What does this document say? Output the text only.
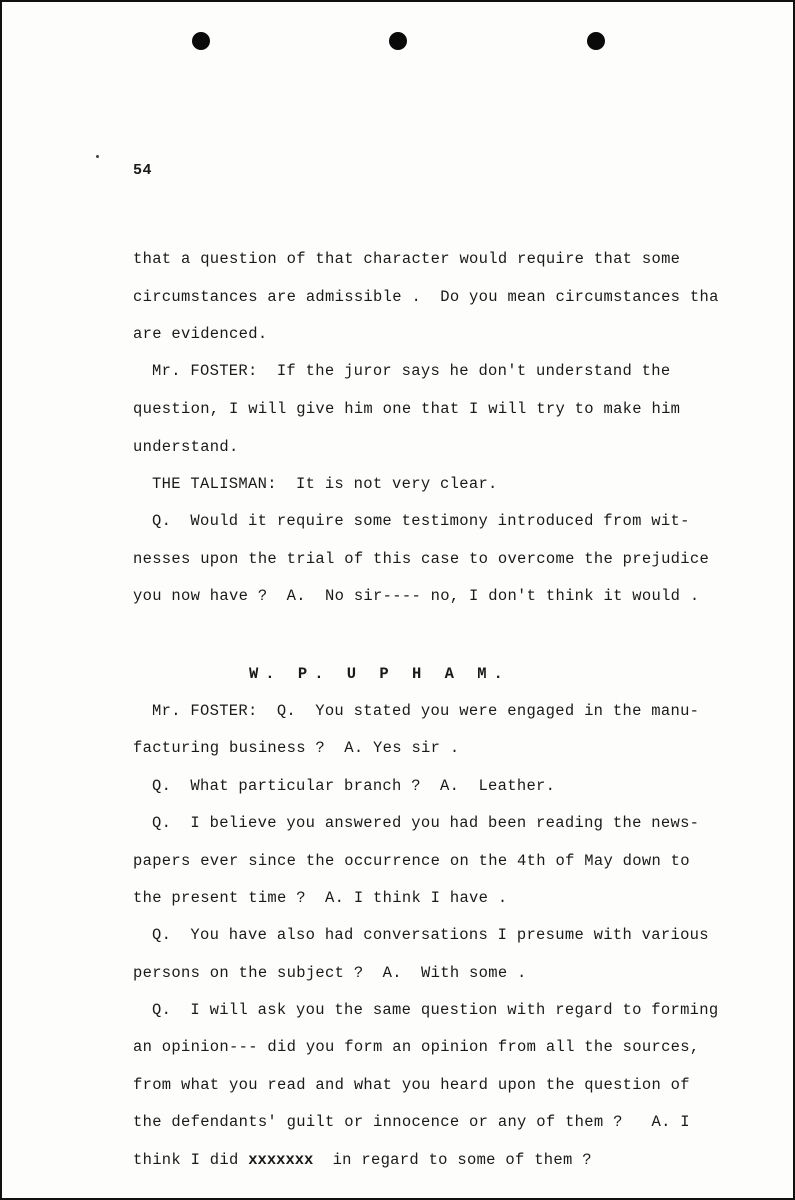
54
that a question of that character would require that some
circumstances are admissible .  Do you mean circumstances tha
are evidenced.
Mr. FOSTER:  If the juror says he don't understand the
question, I will give him one that I will try to make him
understand.
THE TALISMAN:  It is not very clear.
Q.  Would it require some testimony introduced from wit-
nesses upon the trial of this case to overcome the prejudice
you now have ?  A.  No sir---- no, I don't think it would .
W. P. U P H A M.
Mr. FOSTER:  Q.  You stated you were engaged in the manu-
facturing business ?  A. Yes sir .
Q.  What particular branch ?  A.  Leather.
Q.  I believe you answered you had been reading the news-
papers ever since the occurrence on the 4th of May down to
the present time ?  A. I think I have .
Q.  You have also had conversations I presume with various
persons on the subject ?  A.  With some .
Q.  I will ask you the same question with regard to forming
an opinion--- did you form an opinion from all the sources,
from what you read and what you heard upon the question of
the defendants' guilt or innocence or any of them ?   A. I
think I did xxxxxxx in regard to some of them ?
